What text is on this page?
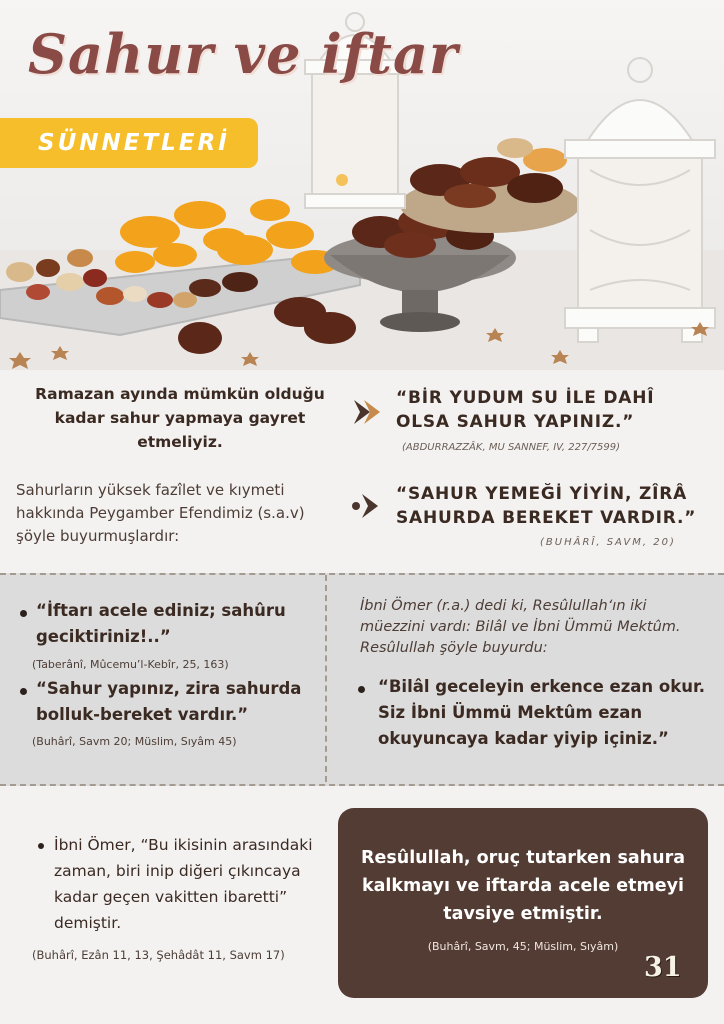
Sahur ve iftar
SÜNNETLERİ
Ramazan ayında mümkün olduğu kadar sahur yapmaya gayret etmeliyiz.
Sahurların yüksek fazîlet ve kıymeti hakkında Peygamber Efendimiz (s.a.v) şöyle buyurmuşlardır:
“BİR YUDUM SU İLE DAHÎ OLSA SAHUR YAPINIZ.”
(ABDURRAZZÂK, MU SANNEF, IV, 227/7599)
“SAHUR YEMEĞİ YİYİN, ZÎRÂ SAHURDA BEREKET VARDIR.”
(BUHÂRÎ, SAVM, 20)
“İftarı acele ediniz; sahûru geciktiriniz!..”
(Taberânî, Mûcemu’l-Kebîr, 25, 163)
“Sahur yapınız, zira sahurda bolluk-bereket vardır.”
(Buhârî, Savm 20; Müslim, Sıyâm 45)
İbni Ömer (r.a.) dedi ki, Resûlullah‘ın iki müezzini vardı: Bilâl ve İbni Ümmü Mektûm. Resûlullah şöyle buyurdu:
“Bilâl geceleyin erkence ezan okur. Siz İbni Ümmü Mektûm ezan okuyuncaya kadar yiyip içiniz.”
İbni Ömer, “Bu ikisinin arasındaki zaman, biri inip diğeri çıkıncaya kadar geçen vakitten ibaretti” demiştir.
(Buhârî, Ezân 11, 13, Şehâdât 11, Savm 17)
Resûlullah, oruç tutarken sahura kalkmayı ve iftarda acele etmeyi tavsiye etmiştir.
(Buhârî, Savm, 45; Müslim, Sıyâm)
31
